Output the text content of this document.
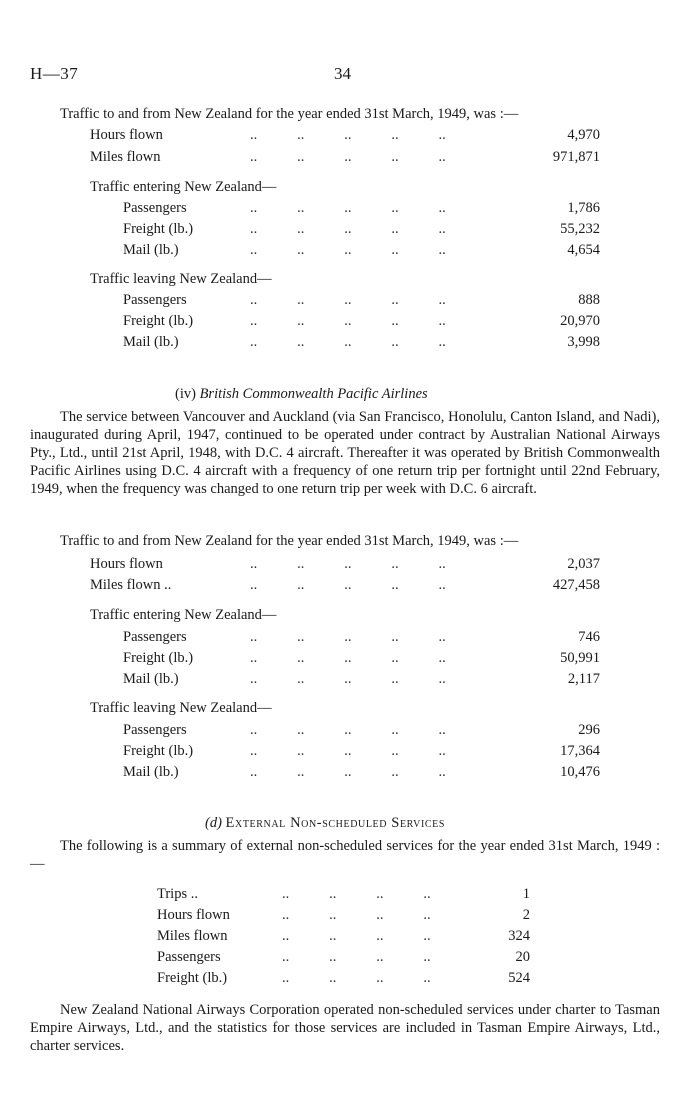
H—37	34
Traffic to and from New Zealand for the year ended 31st March, 1949, was :—
Hours flown	..           ..           ..           ..           ..	4,970
Miles flown	..           ..           ..           ..           ..	971,871
Traffic entering New Zealand—
Passengers	..           ..           ..           ..           ..	1,786
Freight (lb.)	..           ..           ..           ..           ..	55,232
Mail (lb.)	..           ..           ..           ..           ..	4,654
Traffic leaving New Zealand—
Passengers	..           ..           ..           ..           ..	888
Freight (lb.)	..           ..           ..           ..           ..	20,970
Mail (lb.)	..           ..           ..           ..           ..	3,998
(iv) British Commonwealth Pacific Airlines
The service between Vancouver and Auckland (via San Francisco, Honolulu, Canton Island, and Nadi), inaugurated during April, 1947, continued to be operated under contract by Australian National Airways Pty., Ltd., until 21st April, 1948, with D.C. 4 aircraft. Thereafter it was operated by British Commonwealth Pacific Airlines using D.C. 4 aircraft with a frequency of one return trip per fortnight until 22nd February, 1949, when the frequency was changed to one return trip per week with D.C. 6 aircraft.
Traffic to and from New Zealand for the year ended 31st March, 1949, was :—
Hours flown	..           ..           ..           ..           ..	2,037
Miles flown ..	..           ..           ..           ..           ..	427,458
Traffic entering New Zealand—
Passengers	..           ..           ..           ..           ..	746
Freight (lb.)	..           ..           ..           ..           ..	50,991
Mail (lb.)	..           ..           ..           ..           ..	2,117
Traffic leaving New Zealand—
Passengers	..           ..           ..           ..           ..	296
Freight (lb.)	..           ..           ..           ..           ..	17,364
Mail (lb.)	..           ..           ..           ..           ..	10,476
(d) External Non-scheduled Services
The following is a summary of external non-scheduled services for the year ended 31st March, 1949 :—
Trips ..	..           ..           ..           ..	1
Hours flown	..           ..           ..           ..	2
Miles flown	..           ..           ..           ..	324
Passengers	..           ..           ..           ..	20
Freight (lb.)	..           ..           ..           ..	524
New Zealand National Airways Corporation operated non-scheduled services under charter to Tasman Empire Airways, Ltd., and the statistics for those services are included in Tasman Empire Airways, Ltd., charter services.
